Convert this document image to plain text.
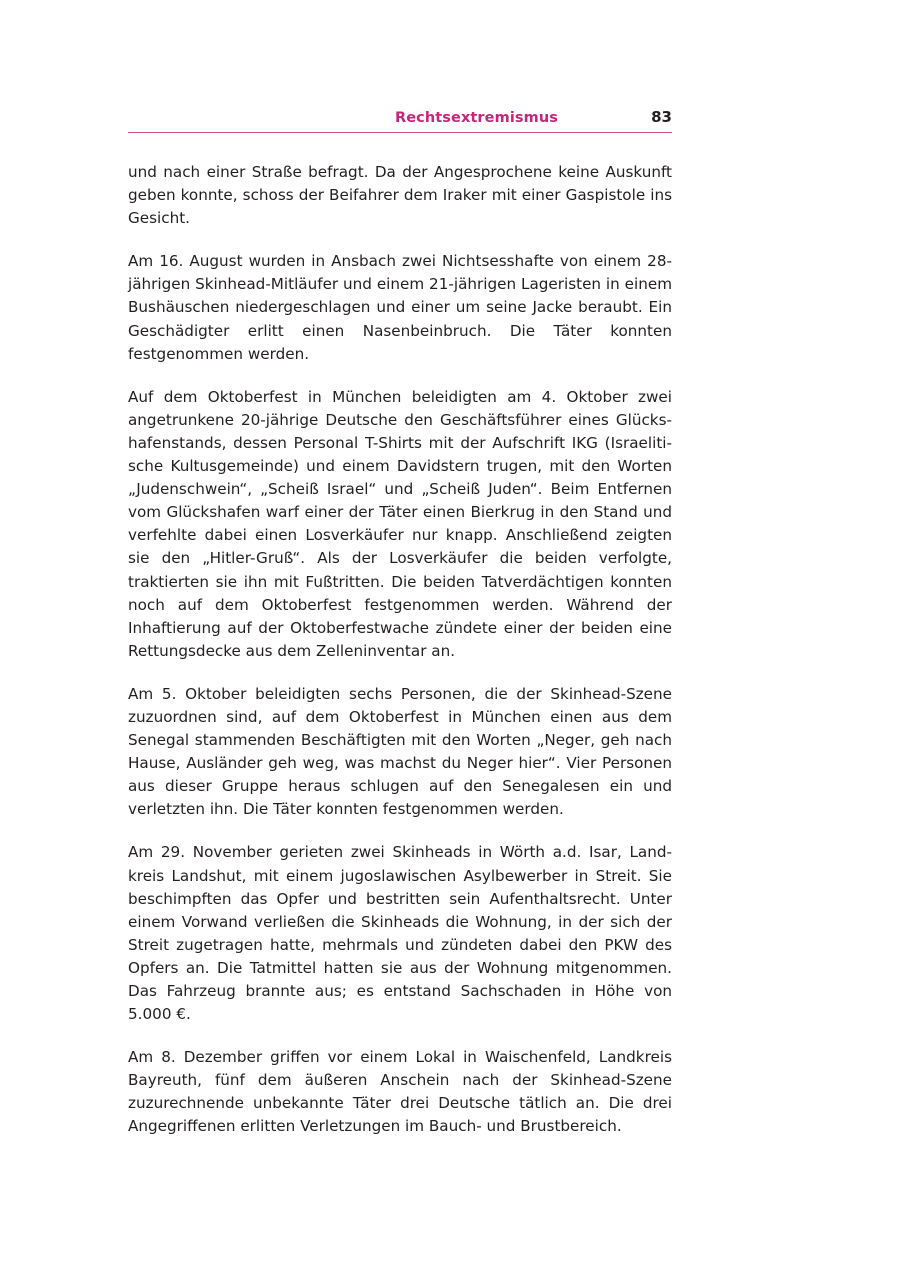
Rechtsextremismus	83

und nach einer Straße befragt. Da der Angesprochene keine Auskunft geben konnte, schoss der Beifahrer dem Iraker mit einer Gaspistole ins Gesicht.

Am 16. August wurden in Ansbach zwei Nichtsesshafte von einem 28-jährigen Skinhead-Mitläufer und einem 21-jährigen Lageristen in einem Bushäuschen niedergeschlagen und einer um seine Jacke beraubt. Ein Geschädigter erlitt einen Nasenbeinbruch. Die Täter konnten festgenommen werden.

Auf dem Oktoberfest in München beleidigten am 4. Oktober zwei angetrunkene 20-jährige Deutsche den Geschäftsführer eines Glückshafenstands, dessen Personal T-Shirts mit der Aufschrift IKG (Israelitische Kultusgemeinde) und einem Davidstern trugen, mit den Worten „Judenschwein“, „Scheiß Israel“ und „Scheiß Juden“. Beim Entfernen vom Glückshafen warf einer der Täter einen Bierkrug in den Stand und verfehlte dabei einen Losverkäufer nur knapp. Anschließend zeigten sie den „Hitler-Gruß“. Als der Losverkäufer die beiden verfolgte, traktierten sie ihn mit Fußtritten. Die beiden Tatverdächtigen konnten noch auf dem Oktoberfest festgenommen werden. Während der Inhaftierung auf der Oktoberfestwache zündete einer der beiden eine Rettungsdecke aus dem Zelleninventar an.

Am 5. Oktober beleidigten sechs Personen, die der Skinhead-Szene zuzuordnen sind, auf dem Oktoberfest in München einen aus dem Senegal stammenden Beschäftigten mit den Worten „Neger, geh nach Hause, Ausländer geh weg, was machst du Neger hier“. Vier Personen aus dieser Gruppe heraus schlugen auf den Senegalesen ein und verletzten ihn. Die Täter konnten festgenommen werden.

Am 29. November gerieten zwei Skinheads in Wörth a.d. Isar, Landkreis Landshut, mit einem jugoslawischen Asylbewerber in Streit. Sie beschimpften das Opfer und bestritten sein Aufenthaltsrecht. Unter einem Vorwand verließen die Skinheads die Wohnung, in der sich der Streit zugetragen hatte, mehrmals und zündeten dabei den PKW des Opfers an. Die Tatmittel hatten sie aus der Wohnung mitgenommen. Das Fahrzeug brannte aus; es entstand Sachschaden in Höhe von 5.000 €.

Am 8. Dezember griffen vor einem Lokal in Waischenfeld, Landkreis Bayreuth, fünf dem äußeren Anschein nach der Skinhead-Szene zuzurechnende unbekannte Täter drei Deutsche tätlich an. Die drei Angegriffenen erlitten Verletzungen im Bauch- und Brustbereich.
